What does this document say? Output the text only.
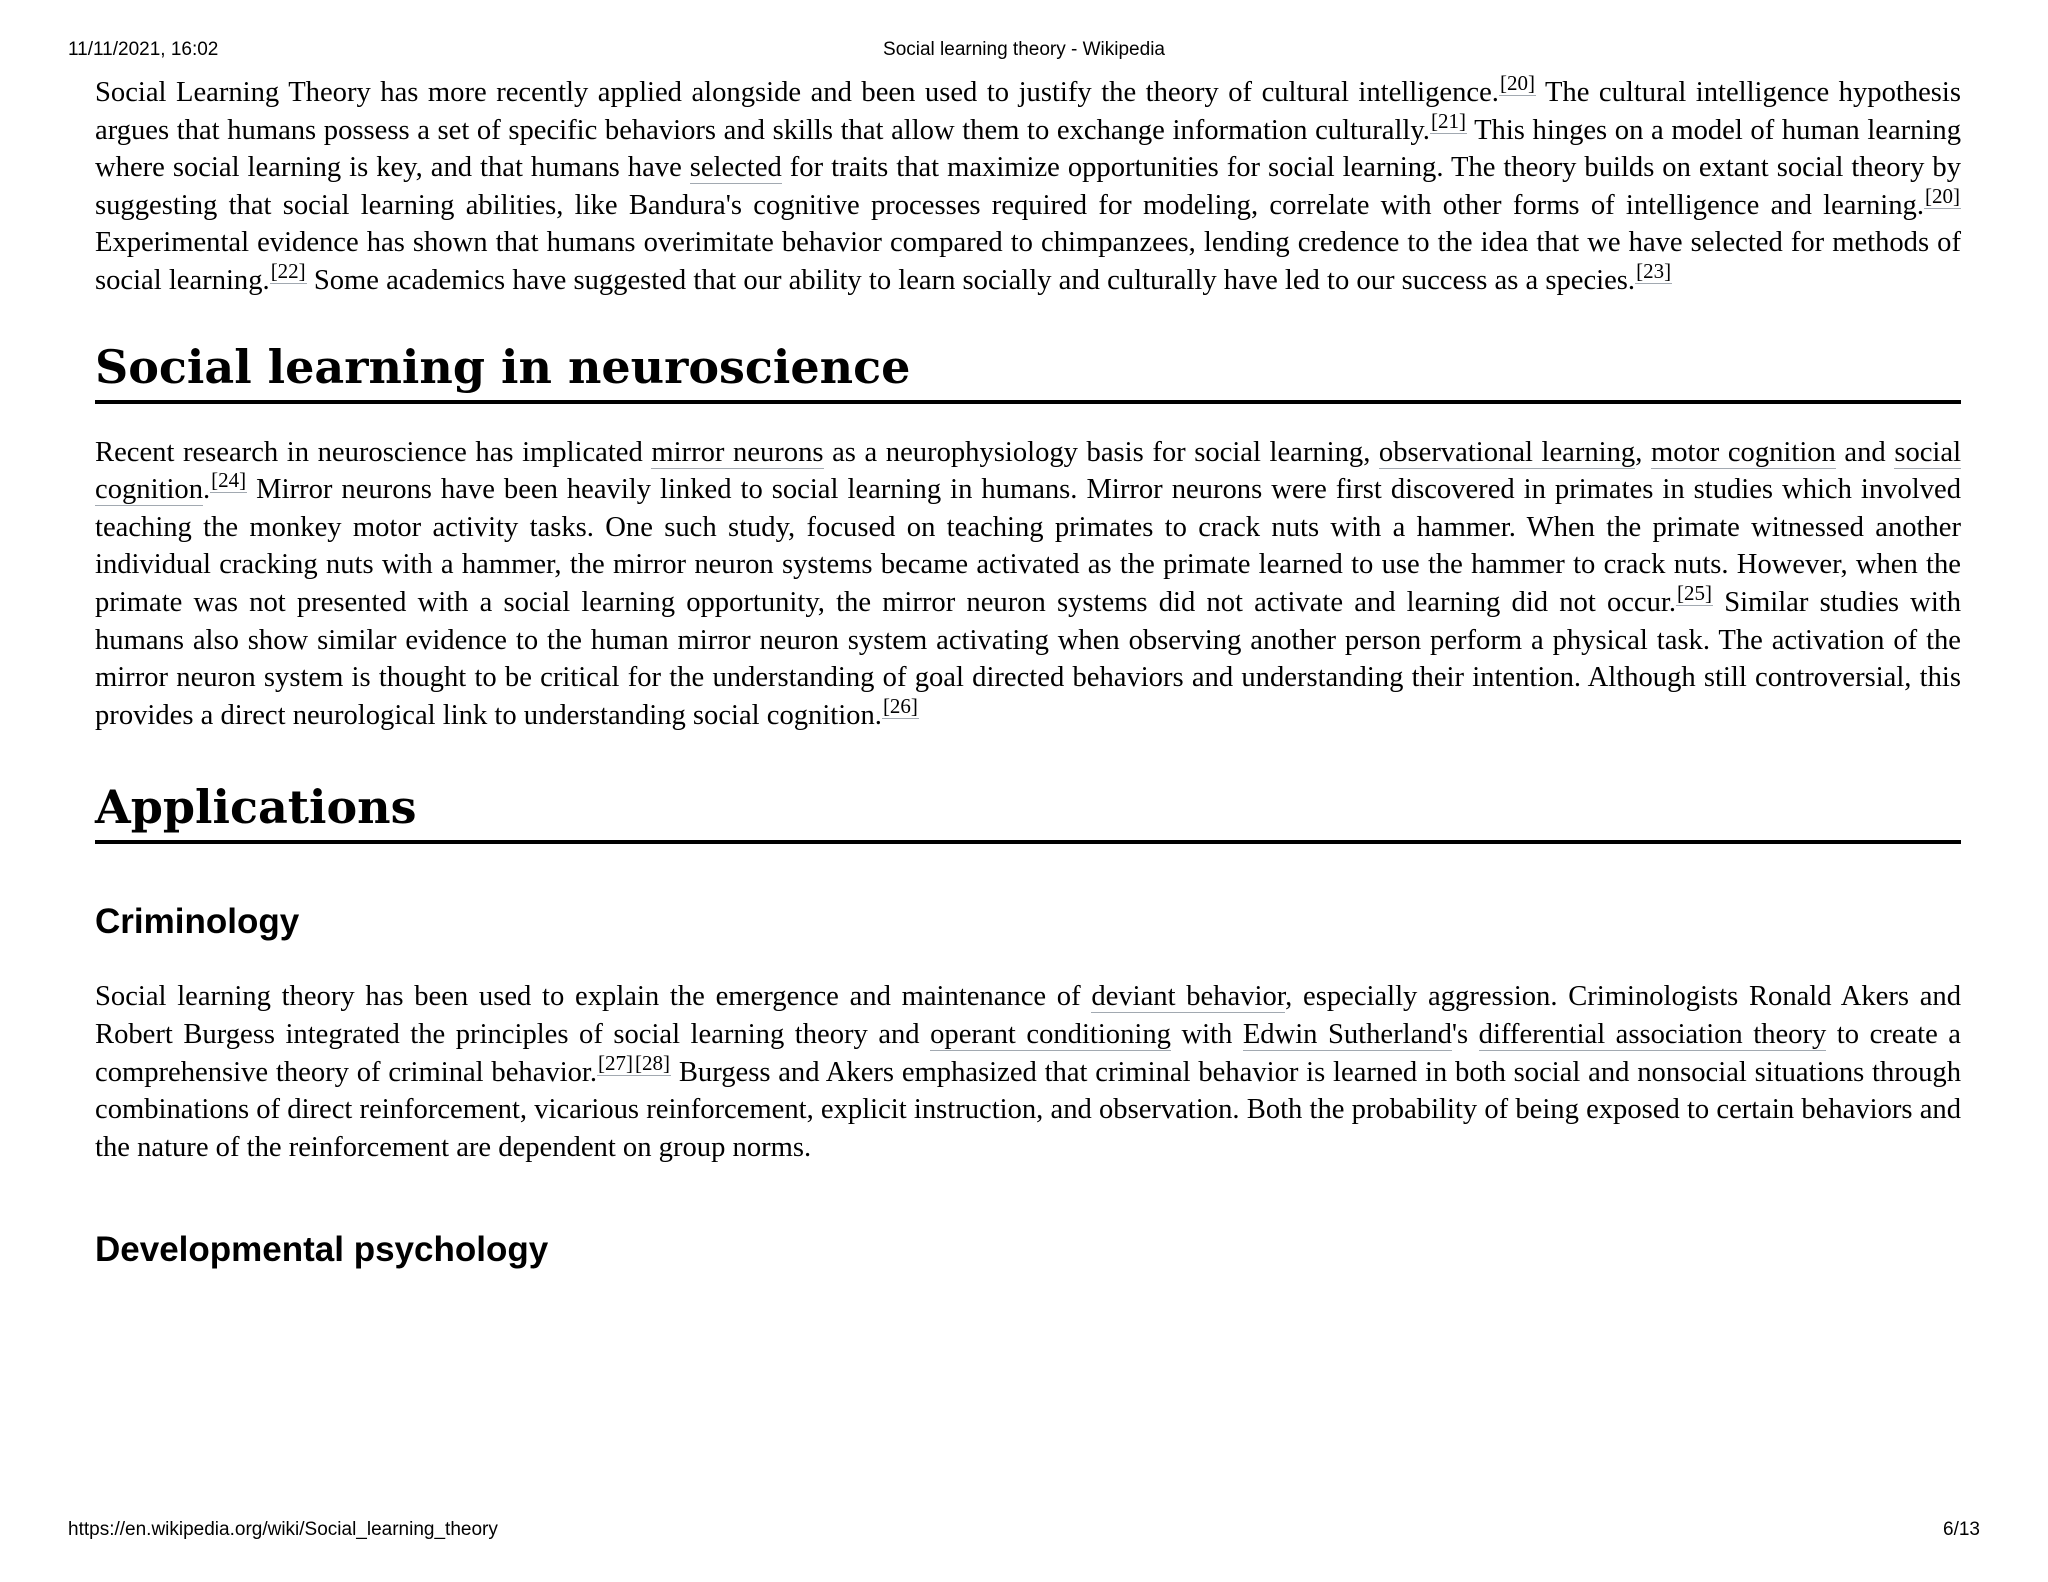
11/11/2021, 16:02	Social learning theory - Wikipedia

Social Learning Theory has more recently applied alongside and been used to justify the theory of cultural intelligence.[20] The cultural intelligence hypothesis argues that humans possess a set of specific behaviors and skills that allow them to exchange information culturally.[21] This hinges on a model of human learning where social learning is key, and that humans have selected for traits that maximize opportunities for social learning. The theory builds on extant social theory by suggesting that social learning abilities, like Bandura's cognitive processes required for modeling, correlate with other forms of intelligence and learning.[20] Experimental evidence has shown that humans overimitate behavior compared to chimpanzees, lending credence to the idea that we have selected for methods of social learning.[22] Some academics have suggested that our ability to learn socially and culturally have led to our success as a species.[23]

Social learning in neuroscience

Recent research in neuroscience has implicated mirror neurons as a neurophysiology basis for social learning, observational learning, motor cognition and social cognition.[24] Mirror neurons have been heavily linked to social learning in humans. Mirror neurons were first discovered in primates in studies which involved teaching the monkey motor activity tasks. One such study, focused on teaching primates to crack nuts with a hammer. When the primate witnessed another individual cracking nuts with a hammer, the mirror neuron systems became activated as the primate learned to use the hammer to crack nuts. However, when the primate was not presented with a social learning opportunity, the mirror neuron systems did not activate and learning did not occur.[25] Similar studies with humans also show similar evidence to the human mirror neuron system activating when observing another person perform a physical task. The activation of the mirror neuron system is thought to be critical for the understanding of goal directed behaviors and understanding their intention. Although still controversial, this provides a direct neurological link to understanding social cognition.[26]

Applications
Criminology

Social learning theory has been used to explain the emergence and maintenance of deviant behavior, especially aggression. Criminologists Ronald Akers and Robert Burgess integrated the principles of social learning theory and operant conditioning with Edwin Sutherland's differential association theory to create a comprehensive theory of criminal behavior.[27][28] Burgess and Akers emphasized that criminal behavior is learned in both social and nonsocial situations through combinations of direct reinforcement, vicarious reinforcement, explicit instruction, and observation. Both the probability of being exposed to certain behaviors and the nature of the reinforcement are dependent on group norms.

Developmental psychology
https://en.wikipedia.org/wiki/Social_learning_theory	6/13
